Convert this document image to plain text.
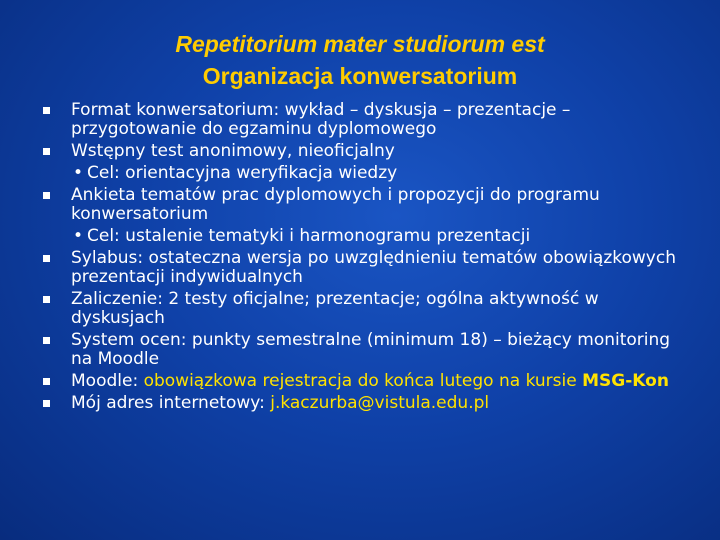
Repetitorium mater studiorum est
Organizacja konwersatorium
Format konwersatorium: wykład – dyskusja – prezentacje – przygotowanie do egzaminu dyplomowego
Wstępny test anonimowy, nieoficjalny
• Cel: orientacyjna weryfikacja wiedzy
Ankieta tematów prac dyplomowych i propozycji do programu konwersatorium
• Cel: ustalenie tematyki i harmonogramu prezentacji
Sylabus: ostateczna wersja po uwzględnieniu tematów obowiązkowych prezentacji indywidualnych
Zaliczenie: 2 testy oficjalne; prezentacje; ogólna aktywność w dyskusjach
System ocen: punkty semestralne (minimum 18) – bieżący monitoring na Moodle
Moodle: obowiązkowa rejestracja do końca lutego na kursie MSG-Kon
Mój adres internetowy: j.kaczurba@vistula.edu.pl
